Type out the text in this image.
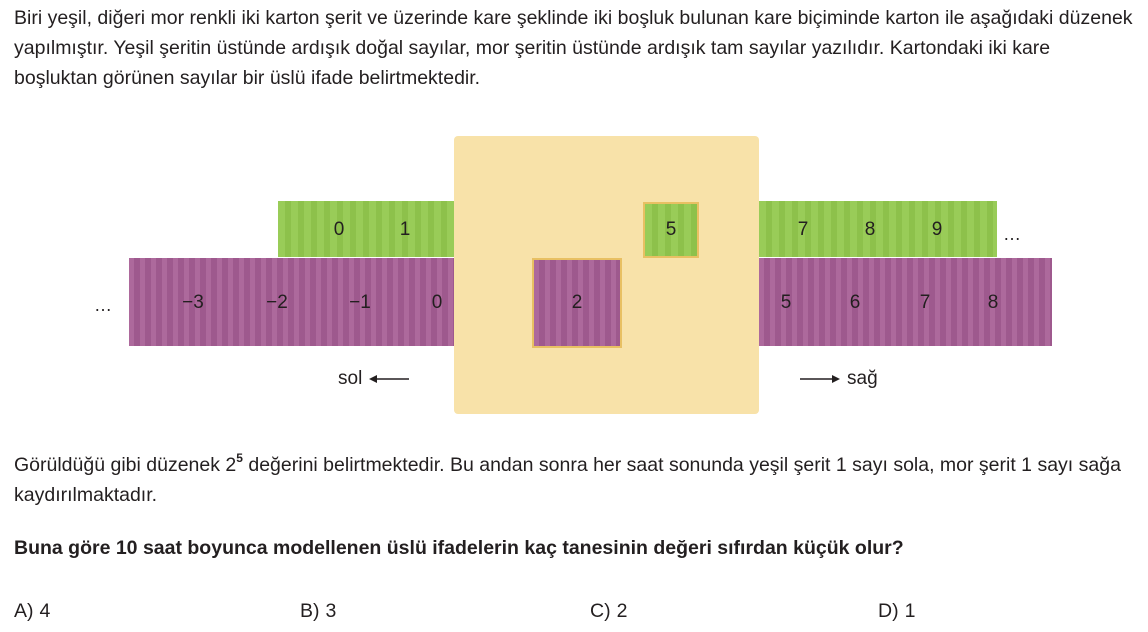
Biri yeşil, diğeri mor renkli iki karton şerit ve üzerinde kare şeklinde iki boşluk bulunan kare biçiminde karton ile aşağıdaki düzenek yapılmıştır. Yeşil şeritin üstünde ardışık doğal sayılar, mor şeritin üstünde ardışık tam sayılar yazılıdır. Kartondaki iki kare boşluktan görünen sayılar bir üslü ifade belirtmektedir.

0	1	5	7	8	9	…
…	−3	−2	−1	0	2	5	6	7	8
sol	sağ

Görüldüğü gibi düzenek $2^5$ değerini belirtmektedir. Bu andan sonra her saat sonunda yeşil şerit 1 sayı sola, mor şerit 1 sayı sağa kaydırılmaktadır.

Buna göre 10 saat boyunca modellenen üslü ifadelerin kaç tanesinin değeri sıfırdan küçük olur?

A) 4	B) 3	C) 2	D) 1
